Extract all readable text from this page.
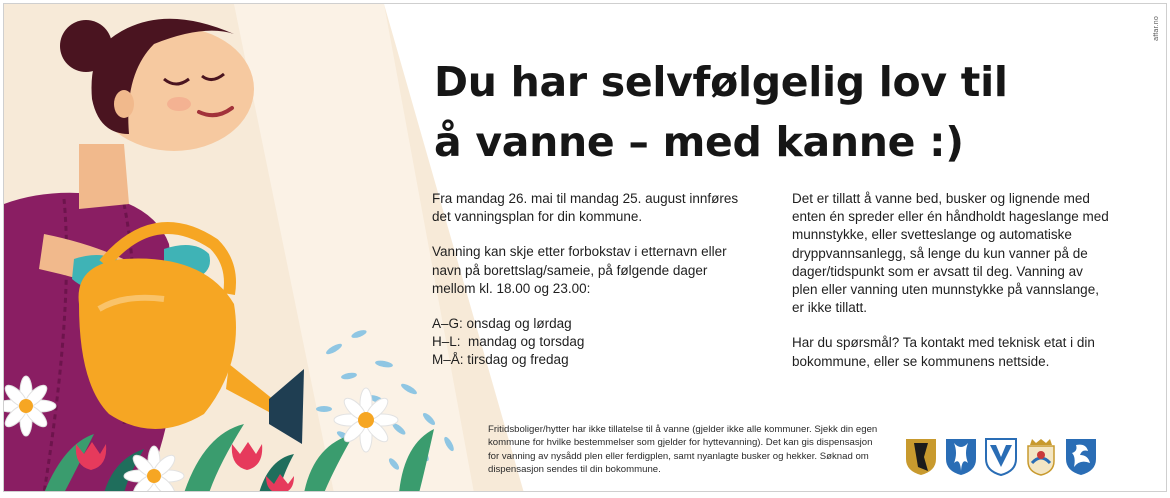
Du har selvfølgelig lov til
å vanne – med kanne :)

Fra mandag 26. mai til mandag 25. august innføres det vanningsplan for din kommune.

Vanning kan skje etter forbokstav i etternavn eller navn på borettslag/sameie, på følgende dager mellom kl. 18.00 og 23.00:

A–G: onsdag og lørdag
H–L:  mandag og torsdag
M–Å: tirsdag og fredag

Det er tillatt å vanne bed, busker og lignende med enten én spreder eller én håndholdt hageslange med munnstykke, eller svetteslange og automatiske dryppvannsanlegg, så lenge du kun vanner på de dager/tidspunkt som er avsatt til deg. Vanning av plen eller vanning uten munnstykke på vannslange, er ikke tillatt.

Har du spørsmål? Ta kontakt med teknisk etat i din bokommune, eller se kommunens nettside.

Fritidsboliger/hytter har ikke tillatelse til å vanne (gjelder ikke alle kommuner. Sjekk din egen kommune for hvilke bestemmelser som gjelder for hyttevanning). Det kan gis dispensasjon for vanning av nysådd plen eller ferdigplen, samt nyanlagte busker og hekker. Søknad om dispensasjon sendes til din bokommune.

affar.no
